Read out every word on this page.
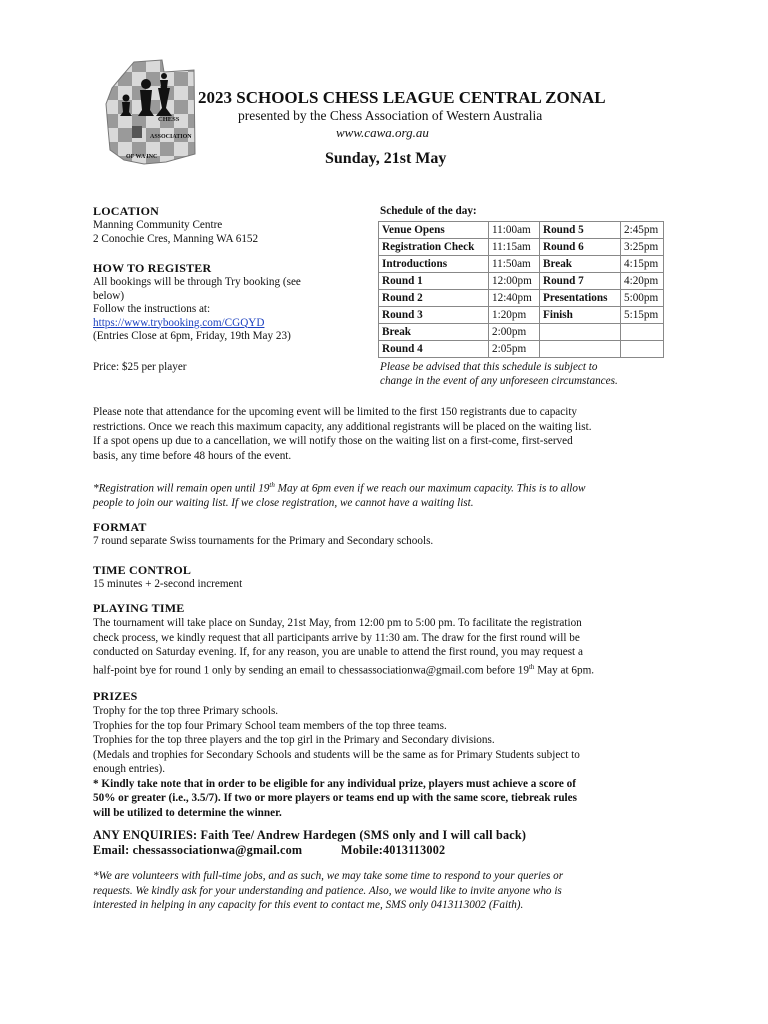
CHESS
ASSOCIATION
OF WA INC
2023 SCHOOLS CHESS LEAGUE CENTRAL ZONAL
presented by the Chess Association of Western Australia
www.cawa.org.au
Sunday, 21st May
LOCATION
Manning Community Centre
2 Conochie Cres, Manning WA 6152
HOW TO REGISTER
All bookings will be through Try booking (see
below)
Follow the instructions at:
https://www.trybooking.com/CGQYD
(Entries Close at 6pm, Friday, 19th May 23)
Price: $25 per player
Schedule of the day:
Venue Opens	11:00am	Round 5	2:45pm
Registration Check	11:15am	Round 6	3:25pm
Introductions	11:50am	Break	4:15pm
Round 1	12:00pm	Round 7	4:20pm
Round 2	12:40pm	Presentations	5:00pm
Round 3	1:20pm	Finish	5:15pm
Break	2:00pm		
Round 4	2:05pm		
Please be advised that this schedule is subject to
change in the event of any unforeseen circumstances.
Please note that attendance for the upcoming event will be limited to the first 150 registrants due to capacity
restrictions. Once we reach this maximum capacity, any additional registrants will be placed on the waiting list.
If a spot opens up due to a cancellation, we will notify those on the waiting list on a first-come, first-served
basis, any time before 48 hours of the event.
*Registration will remain open until 19th May at 6pm even if we reach our maximum capacity. This is to allow
people to join our waiting list. If we close registration, we cannot have a waiting list.
FORMAT
7 round separate Swiss tournaments for the Primary and Secondary schools.
TIME CONTROL
15 minutes + 2-second increment
PLAYING TIME
The tournament will take place on Sunday, 21st May, from 12:00 pm to 5:00 pm. To facilitate the registration
check process, we kindly request that all participants arrive by 11:30 am. The draw for the first round will be
conducted on Saturday evening. If, for any reason, you are unable to attend the first round, you may request a
half-point bye for round 1 only by sending an email to chessassociationwa@gmail.com before 19th May at 6pm.
PRIZES
Trophy for the top three Primary schools.
Trophies for the top four Primary School team members of the top three teams.
Trophies for the top three players and the top girl in the Primary and Secondary divisions.
(Medals and trophies for Secondary Schools and students will be the same as for Primary Students subject to
enough entries).
* Kindly take note that in order to be eligible for any individual prize, players must achieve a score of
50% or greater (i.e., 3.5/7). If two or more players or teams end up with the same score, tiebreak rules
will be utilized to determine the winner.
ANY ENQUIRIES: Faith Tee/ Andrew Hardegen (SMS only and I will call back)
Email: chessassociationwa@gmail.com	Mobile:4013113002
*We are volunteers with full-time jobs, and as such, we may take some time to respond to your queries or
requests. We kindly ask for your understanding and patience. Also, we would like to invite anyone who is
interested in helping in any capacity for this event to contact me, SMS only 0413113002 (Faith).
